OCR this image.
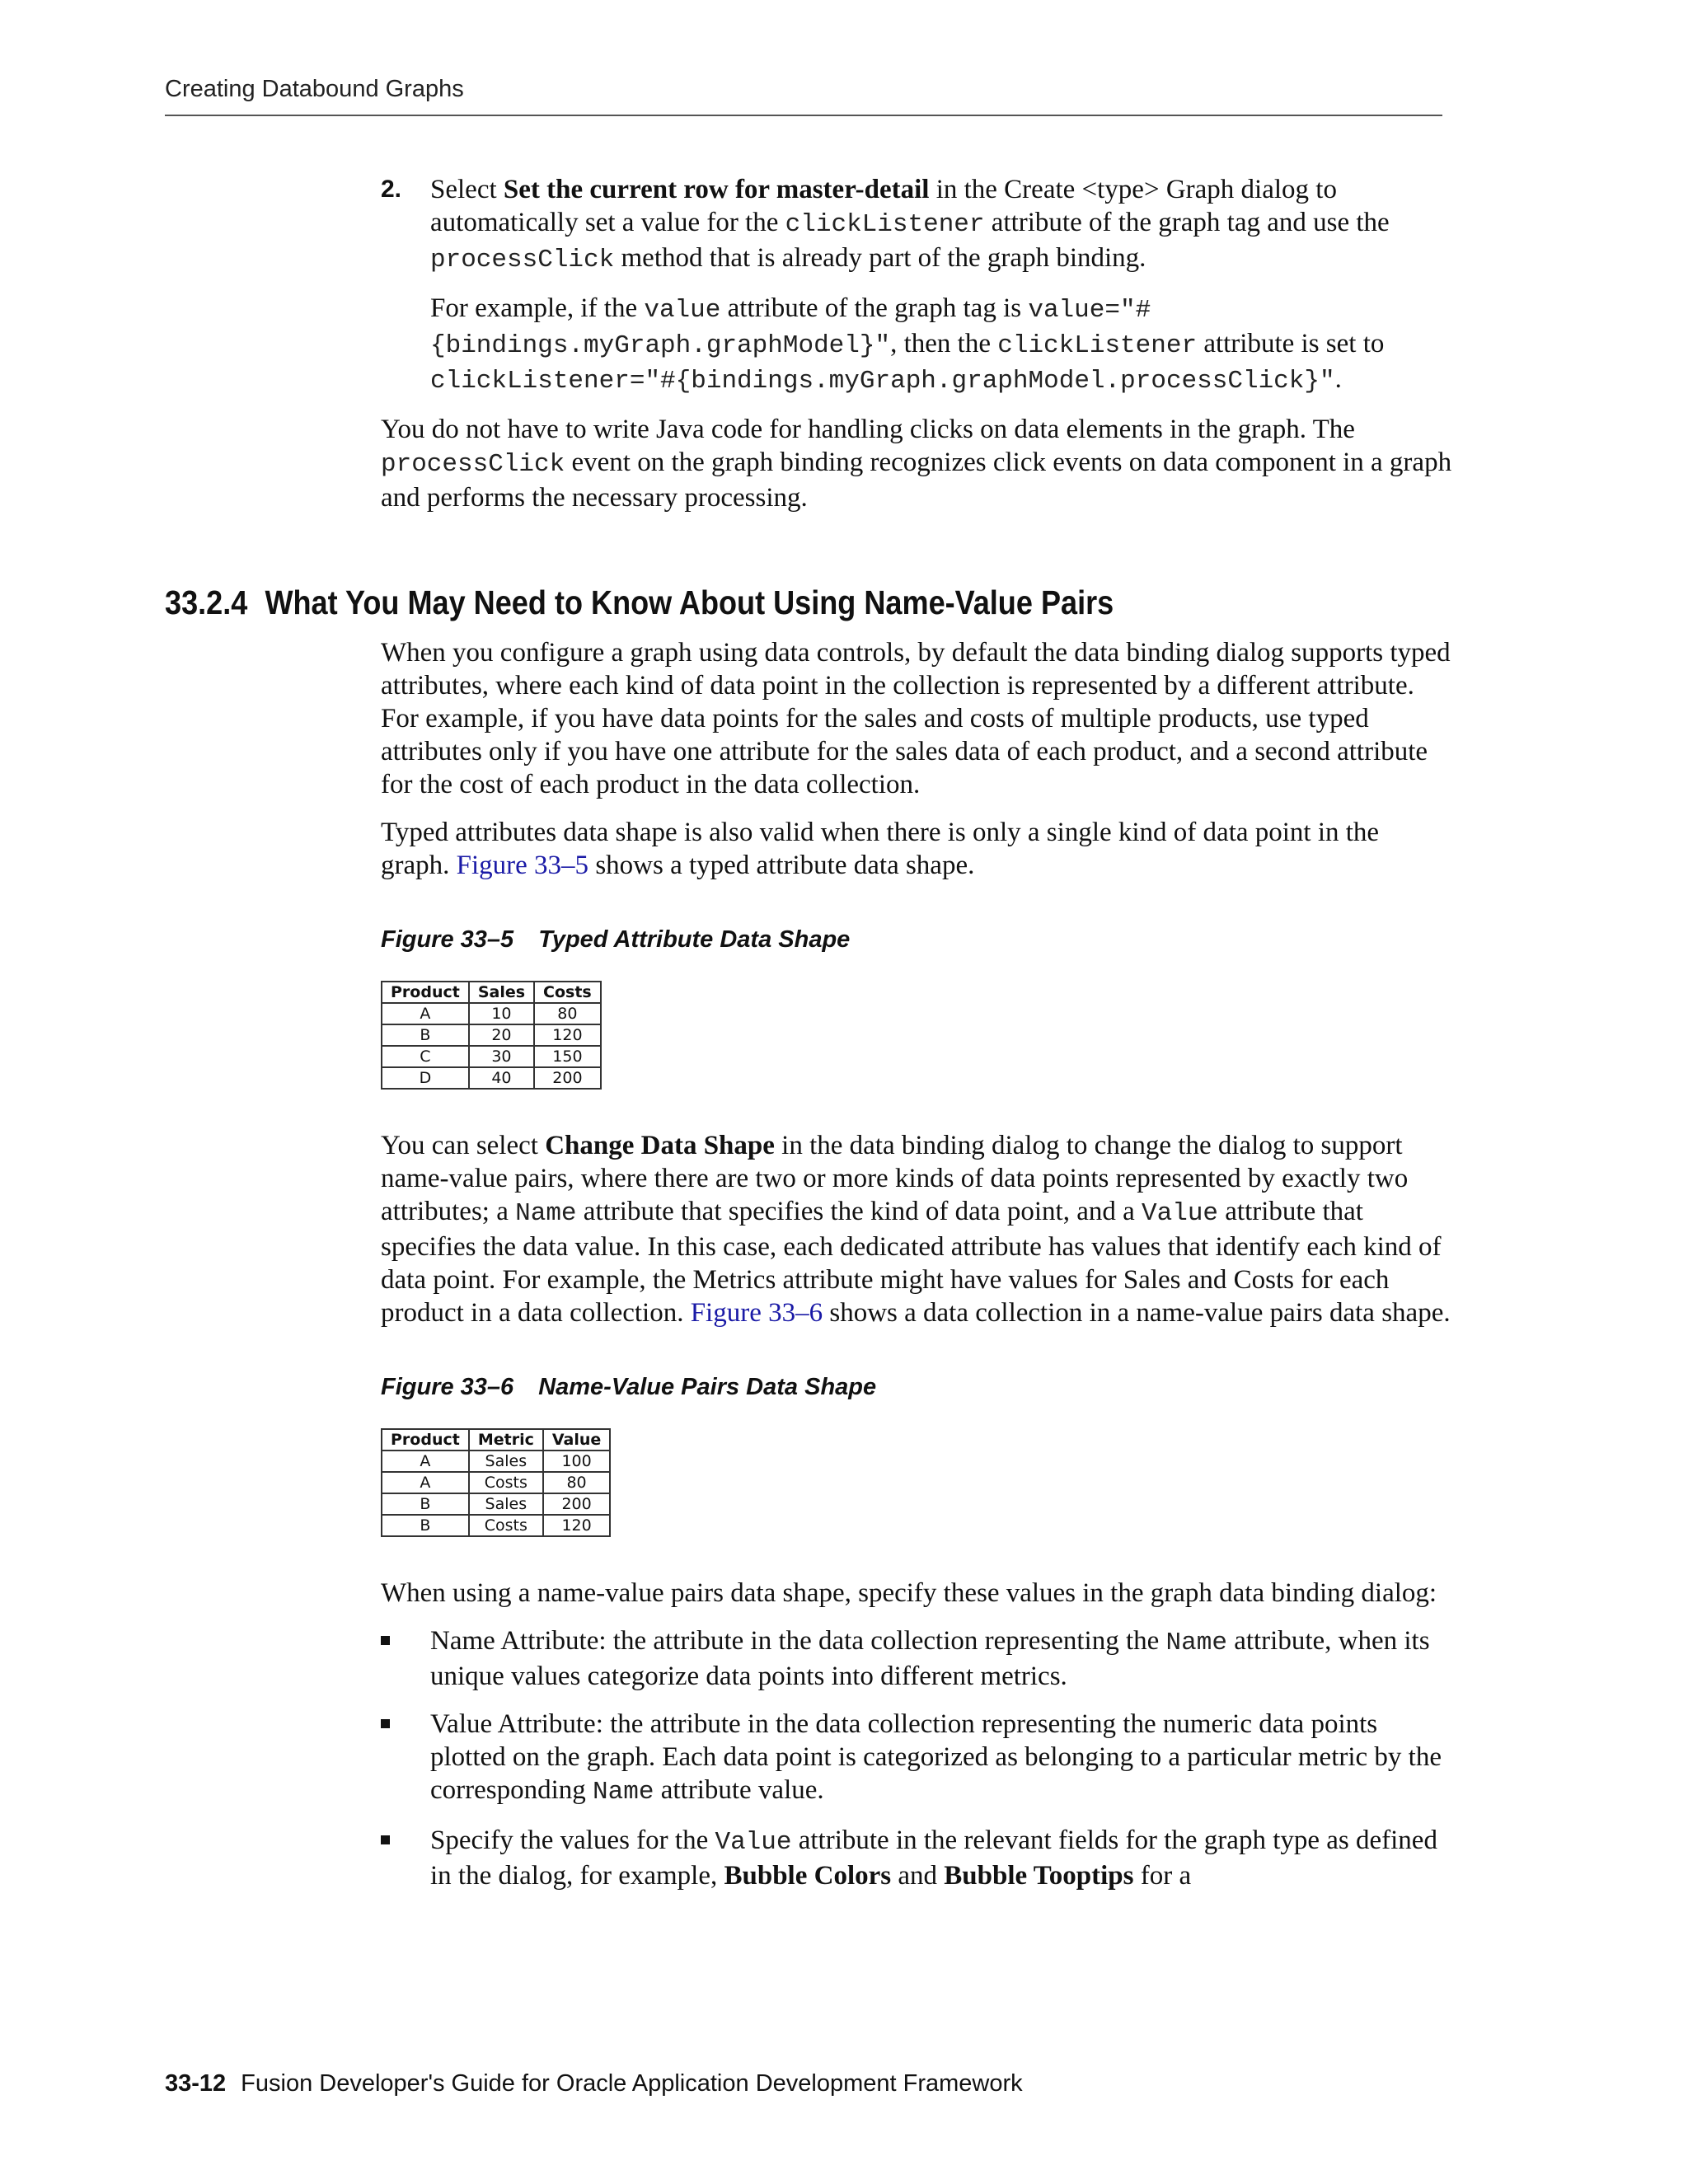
Creating Databound Graphs
2. Select Set the current row for master-detail in the Create <type> Graph dialog to automatically set a value for the clickListener attribute of the graph tag and use the processClick method that is already part of the graph binding.

For example, if the value attribute of the graph tag is value="#{bindings.myGraph.graphModel}", then the clickListener attribute is set to clickListener="#{bindings.myGraph.graphModel.processClick}".

You do not have to write Java code for handling clicks on data elements in the graph. The processClick event on the graph binding recognizes click events on data component in a graph and performs the necessary processing.

33.2.4 What You May Need to Know About Using Name-Value Pairs

When you configure a graph using data controls, by default the data binding dialog supports typed attributes, where each kind of data point in the collection is represented by a different attribute. For example, if you have data points for the sales and costs of multiple products, use typed attributes only if you have one attribute for the sales data of each product, and a second attribute for the cost of each product in the data collection.

Typed attributes data shape is also valid when there is only a single kind of data point in the graph. Figure 33–5 shows a typed attribute data shape.

Figure 33–5 Typed Attribute Data Shape
Product	Sales	Costs
A	10	80
B	20	120
C	30	150
D	40	200

You can select Change Data Shape in the data binding dialog to change the dialog to support name-value pairs, where there are two or more kinds of data points represented by exactly two attributes; a Name attribute that specifies the kind of data point, and a Value attribute that specifies the data value. In this case, each dedicated attribute has values that identify each kind of data point. For example, the Metrics attribute might have values for Sales and Costs for each product in a data collection. Figure 33–6 shows a data collection in a name-value pairs data shape.

Figure 33–6 Name-Value Pairs Data Shape
Product	Metric	Value
A	Sales	100
A	Costs	80
B	Sales	200
B	Costs	120

When using a name-value pairs data shape, specify these values in the graph data binding dialog:

Name Attribute: the attribute in the data collection representing the Name attribute, when its unique values categorize data points into different metrics.
Value Attribute: the attribute in the data collection representing the numeric data points plotted on the graph. Each data point is categorized as belonging to a particular metric by the corresponding Name attribute value.
Specify the values for the Value attribute in the relevant fields for the graph type as defined in the dialog, for example, Bubble Colors and Bubble Tooptips for a
33-12 Fusion Developer's Guide for Oracle Application Development Framework
